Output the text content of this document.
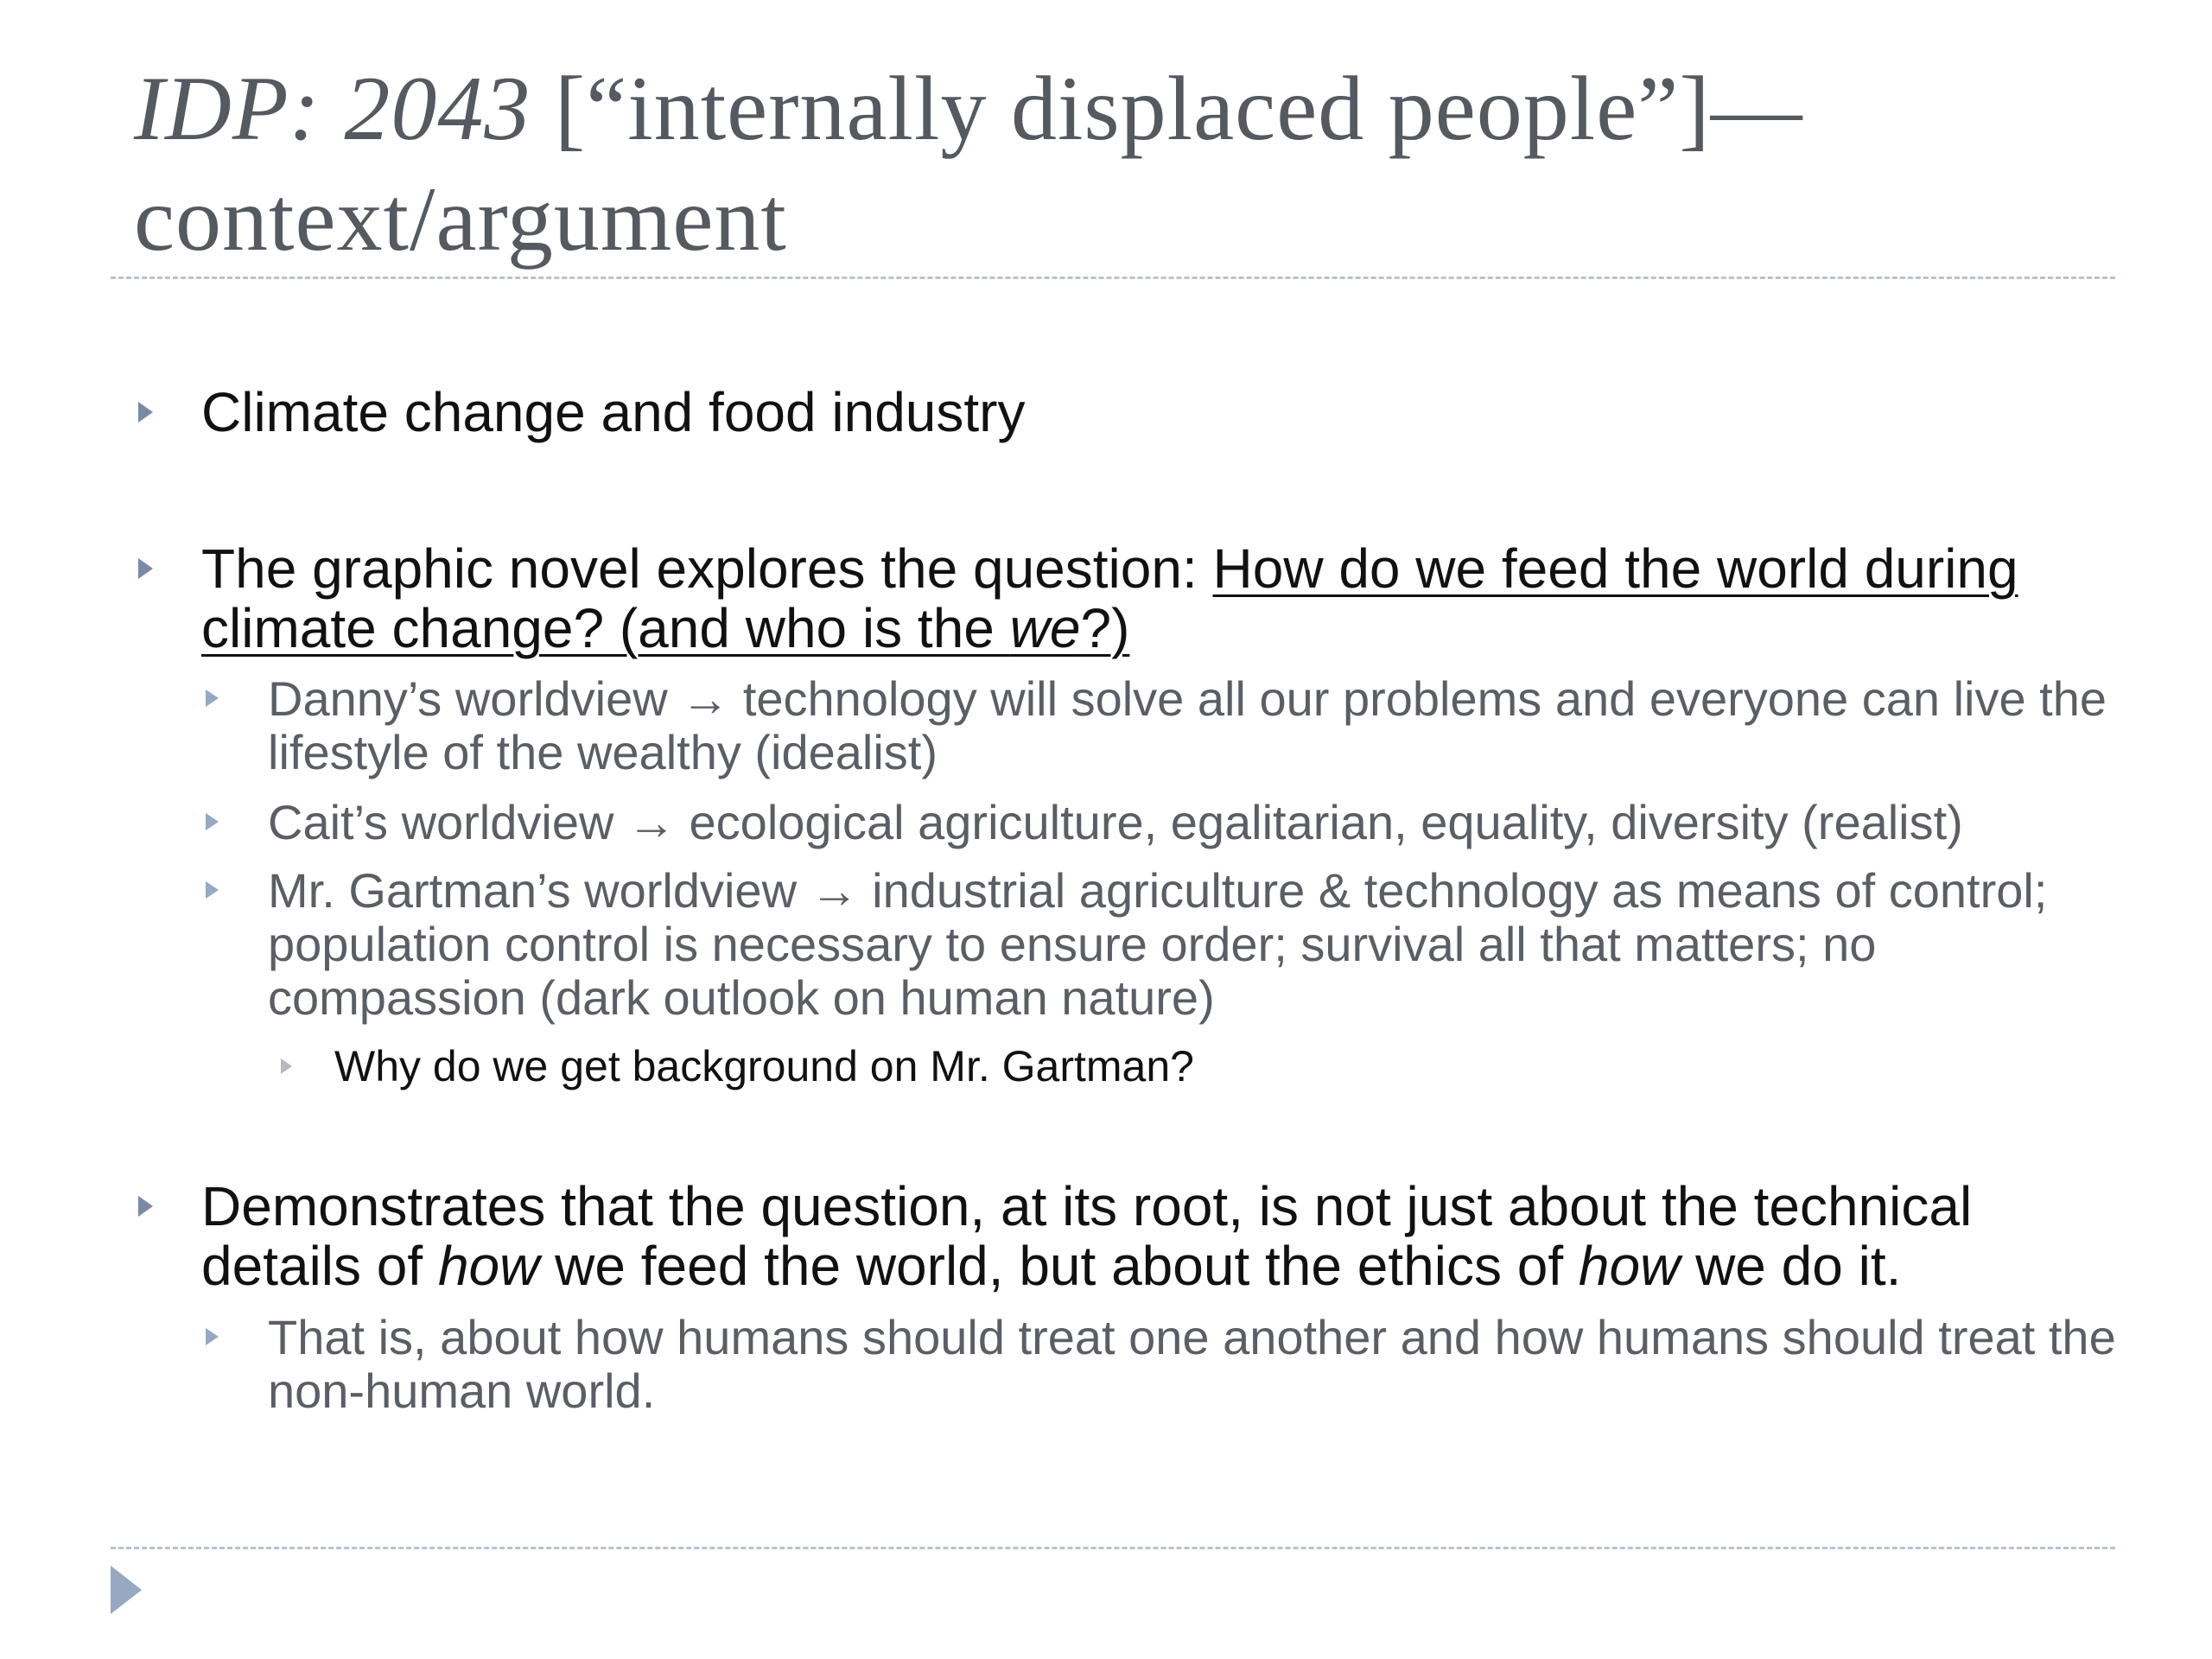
IDP: 2043 [“internally displaced people”]—
context/argument
Climate change and food industry
The graphic novel explores the question: How do we feed the world during climate change? (and who is the we?)
Danny’s worldview → technology will solve all our problems and everyone can live the lifestyle of the wealthy (idealist)
Cait’s worldview → ecological agriculture, egalitarian, equality, diversity (realist)
Mr. Gartman’s worldview → industrial agriculture & technology as means of control; population control is necessary to ensure order; survival all that matters; no compassion (dark outlook on human nature)
Why do we get background on Mr. Gartman?
Demonstrates that the question, at its root, is not just about the technical details of how we feed the world, but about the ethics of how we do it.
That is, about how humans should treat one another and how humans should treat the non-human world.
